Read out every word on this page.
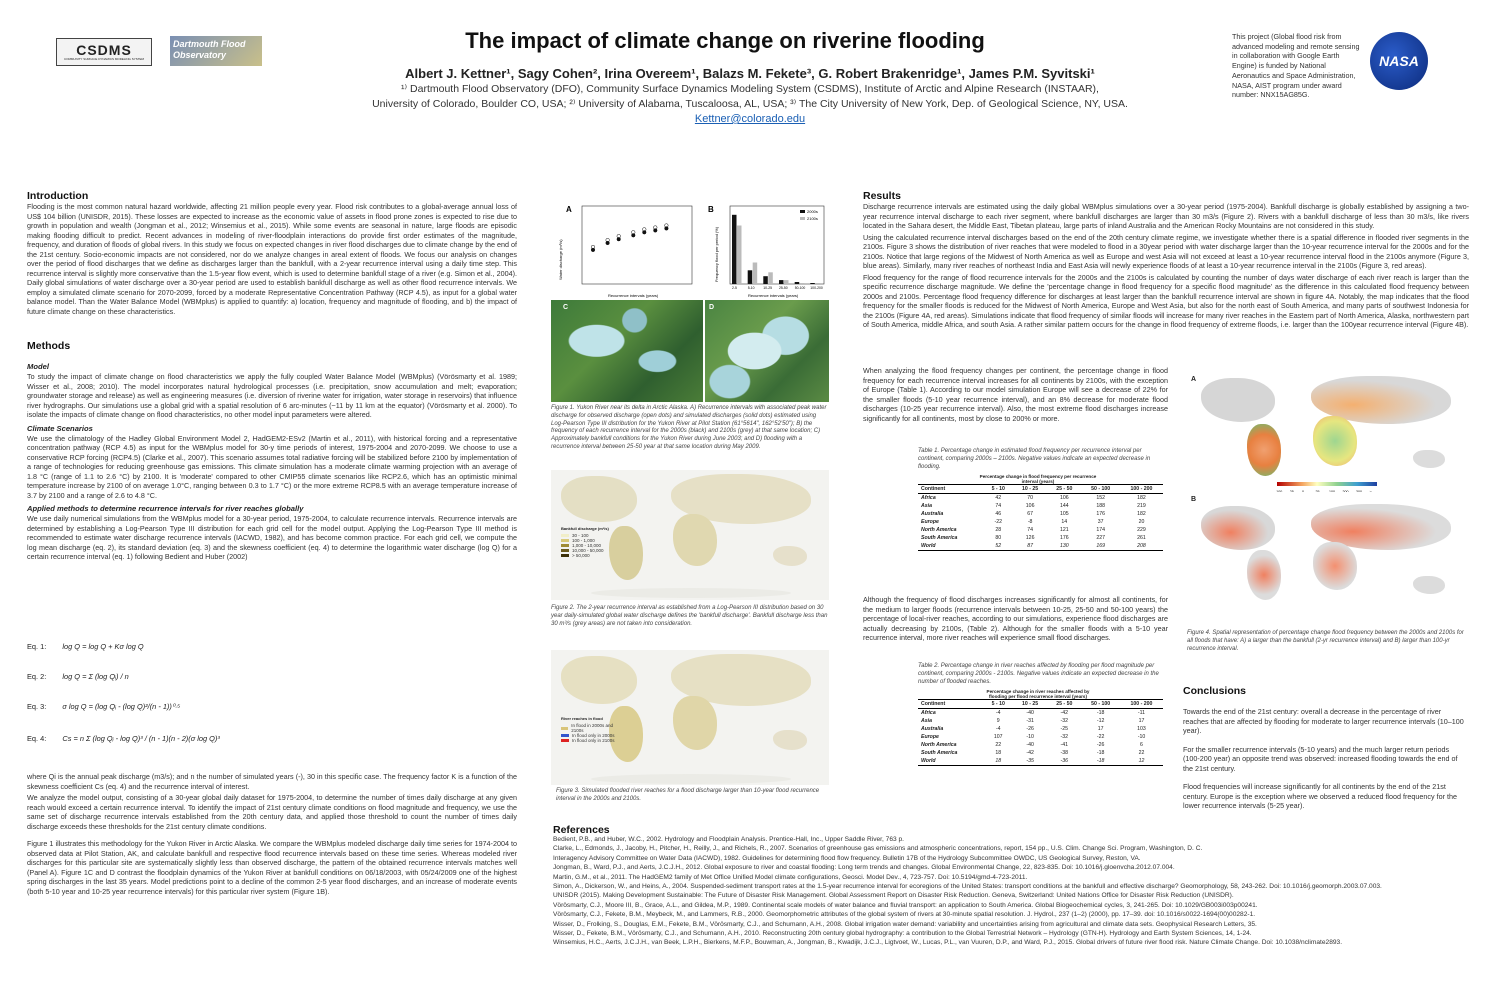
CSDMS
COMMUNITY SURFACE DYNAMICS MODELING SYSTEM
Dartmouth Flood Observatory
The impact of climate change on riverine flooding
Albert J. Kettner¹, Sagy Cohen², Irina Overeem¹, Balazs M. Fekete³, G. Robert Brakenridge¹, James P.M. Syvitski¹
¹⁾ Dartmouth Flood Observatory (DFO), Community Surface Dynamics Modeling System (CSDMS), Institute of Arctic and Alpine Research (INSTAAR),
University of Colorado, Boulder CO, USA; ²⁾ University of Alabama, Tuscaloosa, AL, USA; ³⁾ The City University of New York, Dep. of Geological Science, NY, USA.
Kettner@colorado.edu
This project (Global flood risk from advanced modeling and remote sensing in collaboration with Google Earth Engine) is funded by National Aeronautics and Space Administration, NASA, AIST program under award number: NNX15AG85G.
NASA
Introduction
Flooding is the most common natural hazard worldwide, affecting 21 million people every year. Flood risk contributes to a global-average annual loss of US$ 104 billion (UNISDR, 2015). These losses are expected to increase as the economic value of assets in flood prone zones is expected to rise due to growth in population and wealth (Jongman et al., 2012; Winsemius et al., 2015). While some events are seasonal in nature, large floods are episodic making flooding difficult to predict. Recent advances in modeling of river-floodplain interactions do provide first order estimates of the magnitude, frequency, and duration of floods of global rivers. In this study we focus on expected changes in river flood discharges due to climate change by the end of the 21st century. Socio-economic impacts are not considered, nor do we analyze changes in areal extent of floods. We focus our analysis on changes over the period of flood discharges that we define as discharges larger than the bankfull, with a 2-year recurrence interval using a daily time step. This recurrence interval is slightly more conservative than the 1.5-year flow event, which is used to determine bankfull stage of a river (e.g. Simon et al., 2004). Daily global simulations of water discharge over a 30-year period are used to establish bankfull discharge as well as other flood recurrence intervals. We employ a simulated climate scenario for 2070-2099, forced by a moderate Representative Concentration Pathway (RCP 4.5), as input for a global water balance model. Than the Water Balance Model (WBMplus) is applied to quantify: a) location, frequency and magnitude of flooding, and b) the impact of future climate change on these characteristics.
Methods
Model
To study the impact of climate change on flood characteristics we apply the fully coupled Water Balance Model (WBMplus) (Vörösmarty et al. 1989; Wisser et al., 2008; 2010). The model incorporates natural hydrological processes (i.e. precipitation, snow accumulation and melt; evaporation; groundwater storage and release) as well as engineering measures (i.e. diversion of riverine water for irrigation, water storage in reservoirs) that influence river hydrographs. Our simulations use a global grid with a spatial resolution of 6 arc-minutes (~11 by 11 km at the equator) (Vörösmarty et al. 2000). To isolate the impacts of climate change on flood characteristics, no other model input parameters were altered.
Climate Scenarios
We use the climatology of the Hadley Global Environment Model 2, HadGEM2-ESv2 (Martin et al., 2011), with historical forcing and a representative concentration pathway (RCP 4.5) as input for the WBMplus model for 30-y time periods of interest, 1975-2004 and 2070-2099. We choose to use a conservative RCP forcing (RCP4.5) (Clarke et al., 2007). This scenario assumes total radiative forcing will be stabilized before 2100 by implementation of a range of technologies for reducing greenhouse gas emissions. This climate simulation has a moderate climate warming projection with an average of 1.8 °C (range of 1.1 to 2.6 °C) by 2100. It is 'moderate' compared to other CMIP55 climate scenarios like RCP2.6, which has an optimistic minimal temperature increase by 2100 of on average 1.0°C, ranging between 0.3 to 1.7 °C) or the more extreme RCP8.5 with an average temperature increase of 3.7 by 2100 and a range of 2.6 to 4.8 °C.
Applied methods to determine recurrence intervals for river reaches globally
We use daily numerical simulations from the WBMplus model for a 30-year period, 1975-2004, to calculate recurrence intervals. Recurrence intervals are determined by establishing a Log-Pearson Type III distribution for each grid cell for the model output. Applying the Log-Pearson Type III method is recommended to estimate water discharge recurrence intervals (IACWD, 1982), and has become common practice. For each grid cell, we compute the log mean discharge (eq. 2), its standard deviation (eq. 3) and the skewness coefficient (eq. 4) to determine the logarithmic water discharge (log Q) for a certain recurrence interval (eq. 1) following Bedient and Huber (2002)
Eq. 1: log Q = log Q + Kσ log Q
Eq. 2: log Q = Σ (log Qᵢ) / n
Eq. 3: σ log Q = (log Qᵢ - (log Q)²/(n - 1))⁰·⁵
Eq. 4: Cs = n Σ (log Qᵢ - log Q)³ / (n - 1)(n - 2)(σ log Q)³

where Qi is the annual peak discharge (m3/s); and n the number of simulated years (-), 30 in this specific case. The frequency factor K is a function of the skewness coefficient Cs (eq. 4) and the recurrence interval of interest.

We analyze the model output, consisting of a 30-year global daily dataset for 1975-2004, to determine the number of times daily discharge at any given reach would exceed a certain recurrence interval. To identify the impact of 21st century climate conditions on flood magnitude and frequency, we use the same set of discharge recurrence intervals established from the 20th century data, and applied those threshold to count the number of times daily discharge exceeds these thresholds for the 21st century climate conditions.

Figure 1 illustrates this methodology for the Yukon River in Arctic Alaska. We compare the WBMplus modeled discharge daily time series for 1974-2004 to observed data at Pilot Station, AK, and calculate bankfull and respective flood recurrence intervals based on these time series. Whereas modeled river discharges for this particular site are systematically slightly less than observed discharge, the pattern of the obtained recurrence intervals matches well (Panel A). Figure 1C and D contrast the floodplain dynamics of the Yukon River at bankfull conditions on 06/18/2003, with 05/24/2009 one of the highest spring discharges in the last 35 years. Model predictions point to a decline of the common 2-5 year flood discharges, and an increase of moderate events (both 5-10 year and 10-25 year recurrence intervals) for this particular river system (Figure 1B).

A
Water discharge (m³/s)
Recurrence intervals (years)
B
2-5	5-10	10-25 25-50 50-100 100-200
2000s
2100s
Frequency flood per period (%)
Recurrence intervals (years)
C	D
Figure 1. Yukon River near its delta in Arctic Alaska. A) Recurrence intervals with associated peak water discharge for observed discharge (open dots) and simulated discharges (solid dots) estimated using Log-Pearson Type III distribution for the Yukon River at Pilot Station (61°5614", 162°52'50"); B) the frequency of each recurrence interval for the 2000s (black) and 2100s (grey) at that same location; C) Approximately bankfull conditions for the Yukon River during June 2003; and D) flooding with a recurrence interval between 25-50 year at that same location during May 2009.
Bankfull discharge (m³/s)
30 - 100
100 - 1,000
1,000 - 10,000
10,000 - 50,000
> 50,000
Figure 2. The 2-year recurrence interval as established from a Log-Pearson III distribution based on 30 year daily-simulated global water discharge defines the 'bankfull discharge'. Bankfull discharge less than 30 m³/s (grey areas) are not taken into consideration.
River reaches in flood
In flood in 2000s and 2100s
In flood only in 2000s
In flood only in 2100s
Figure 3. Simulated flooded river reaches for a flood discharge larger than 10-year flood recurrence interval in the 2000s and 2100s.
References
Bedient, P.B., and Huber, W.C., 2002. Hydrology and Floodplain Analysis. Prentice-Hall, Inc., Upper Saddle River, 763 p.
Clarke, L., Edmonds, J., Jacoby, H., Pitcher, H., Reilly, J., and Richels, R., 2007. Scenarios of greenhouse gas emissions and atmospheric concentrations, report, 154 pp., U.S. Clim. Change Sci. Program, Washington, D. C.
Interagency Advisory Committee on Water Data (IACWD), 1982. Guidelines for determining flood flow frequency. Bulletin 17B of the Hydrology Subcommittee OWDC, US Geological Survey, Reston, VA.
Jongman, B., Ward, P.J., and Aerts, J.C.J.H., 2012. Global exposure to river and coastal flooding: Long term trends and changes. Global Environmental Change, 22, 823-835. Doi: 10.1016/j.gloenvcha.2012.07.004.
Martin, G.M., et al., 2011. The HadGEM2 family of Met Office Unified Model climate configurations, Geosci. Model Dev., 4, 723-757. Doi: 10.5194/gmd-4-723-2011.
Simon, A., Dickerson, W., and Heins, A., 2004. Suspended-sediment transport rates at the 1.5-year recurrence interval for ecoregions of the United States: transport conditions at the bankfull and effective discharge? Geomorphology, 58, 243-262. Doi: 10.1016/j.geomorph.2003.07.003.
UNISDR (2015). Making Development Sustainable: The Future of Disaster Risk Management. Global Assessment Report on Disaster Risk Reduction. Geneva, Switzerland: United Nations Office for Disaster Risk Reduction (UNISDR).
Vörösmarty, C.J., Moore III, B., Grace, A.L., and Gildea, M.P., 1989. Continental scale models of water balance and fluvial transport: an application to South America. Global Biogeochemical cycles, 3, 241-265. Doi: 10.1029/GB003i003p00241.
Vörösmarty, C.J., Fekete, B.M., Meybeck, M., and Lammers, R.B., 2000. Geomorphometric attributes of the global system of rivers at 30-minute spatial resolution. J. Hydrol., 237 (1–2) (2000), pp. 17–39. doi: 10.1016/s0022-1694(00)00282-1.
Wisser, D., Frolking, S., Douglas, E.M., Fekete, B.M., Vörösmarty, C.J., and Schumann, A.H., 2008. Global irrigation water demand: variability and uncertainties arising from agricultural and climate data sets. Geophysical Research Letters, 35.
Wisser, D., Fekete, B.M., Vörösmarty, C.J., and Schumann, A.H., 2010. Reconstructing 20th century global hydrography: a contribution to the Global Terrestrial Network – Hydrology (GTN-H). Hydrology and Earth System Sciences, 14, 1-24.
Winsemius, H.C., Aerts, J.C.J.H., van Beek, L.P.H., Bierkens, M.F.P., Bouwman, A., Jongman, B., Kwadijk, J.C.J., Ligtvoet, W., Lucas, P.L., van Vuuren, D.P., and Ward, P.J., 2015. Global drivers of future river flood risk. Nature Climate Change. Doi: 10.1038/nclimate2893.
Results
Discharge recurrence intervals are estimated using the daily global WBMplus simulations over a 30-year period (1975-2004). Bankfull discharge is globally established by assigning a two-year recurrence interval discharge to each river segment, where bankfull discharges are larger than 30 m3/s (Figure 2). Rivers with a bankfull discharge of less than 30 m3/s, like rivers located in the Sahara desert, the Middle East, Tibetan plateau, large parts of inland Australia and the American Rocky Mountains are not considered in this study.
Using the calculated recurrence interval discharges based on the end of the 20th century climate regime, we investigate whether there is a spatial difference in flooded river segments in the 2100s. Figure 3 shows the distribution of river reaches that were modeled to flood in a 30year period with water discharge larger than the 10-year recurrence interval for the 2000s and for the 2100s. Notice that large regions of the Midwest of North America as well as Europe and west Asia will not exceed at least a 10-year recurrence interval flood in the 2100s anymore (Figure 3, blue areas). Similarly, many river reaches of northeast India and East Asia will newly experience floods of at least a 10-year recurrence interval in the 2100s (Figure 3, red areas).
Flood frequency for the range of flood recurrence intervals for the 2000s and the 2100s is calculated by counting the number of days water discharge of each river reach is larger than the specific recurrence discharge magnitude. We define the 'percentage change in flood frequency for a specific flood magnitude' as the difference in this calculated flood frequency between 2000s and 2100s. Percentage flood frequency difference for discharges at least larger than the bankfull recurrence interval are shown in figure 4A. Notably, the map indicates that the flood frequency for the smaller floods is reduced for the Midwest of North America, Europe and West Asia, but also for the north east of South America, and many parts of southwest Indonesia for the 2100s (Figure 4A, red areas). Simulations indicate that flood frequency of similar floods will increase for many river reaches in the Eastern part of North America, Alaska, northwestern part of South America, middle Africa, and south Asia. A rather similar pattern occurs for the change in flood frequency of extreme floods, i.e. larger than the 100year recurrence interval (Figure 4B).
When analyzing the flood frequency changes per continent, the percentage change in flood frequency for each recurrence interval increases for all continents by 2100s, with the exception of Europe (Table 1). According to our model simulation Europe will see a decrease of 22% for the smaller floods (5-10 year recurrence interval), and an 8% decrease for moderate flood discharges (10-25 year recurrence interval). Also, the most extreme flood discharges increase significantly for all continents, most by close to 200% or more.
Table 1. Percentage change in estimated flood frequency per recurrence interval per continent, comparing 2000s – 2100s. Negative values indicate an expected decrease in flooding.
Percentage change in flood frequency per recurrence interval (years)
Continent	5 - 10	10 - 25	25 - 50	50 - 100	100 - 200
Africa	42	70	106	152	182
Asia	74	106	144	188	219
Australia	46	67	105	176	182
Europe	-22	-8	14	37	20
North America	28	74	121	174	229
South America	80	126	176	227	261
World	52	87	130	169	208
Although the frequency of flood discharges increases significantly for almost all continents, for the medium to larger floods (recurrence intervals between 10-25, 25-50 and 50-100 years) the percentage of local-river reaches, according to our simulations, experience flood discharges are actually decreasing by 2100s, (Table 2). Although for the smaller floods with a 5-10 year recurrence interval, more river reaches will experience small flood discharges.
Table 2. Percentage change in river reaches affected by flooding per flood magnitude per continent, comparing 2000s - 2100s. Negative values indicate an expected decrease in the number of flooded reaches.
Percentage change in river reaches affected by flooding per flood recurrence interval (years)
Continent	5 - 10	10 - 25	25 - 50	50 - 100	100 - 200
Africa	-4	-40	-42	-18	-11
Asia	9	-31	-32	-12	17
Australia	-4	-26	-25	17	103
Europe	107	-10	-32	-22	-10
North America	22	-40	-41	-26	6
South America	18	-42	-38	-18	22
World	18	-35	-36	-18	12
A
B
Figure 4. Spatial representation of percentage change flood frequency between the 2000s and 2100s for all floods that have: A) a larger than the bankfull (2-yr recurrence interval) and B) larger than 100-yr recurrence interval.
Conclusions
Towards the end of the 21st century: overall a decrease in the percentage of river reaches that are affected by flooding for moderate to larger recurrence intervals (10–100 year).
For the smaller recurrence intervals (5-10 years) and the much larger return periods (100-200 year) an opposite trend was observed: increased flooding towards the end of the 21st century.
Flood frequencies will increase significantly for all continents by the end of the 21st century. Europe is the exception where we observed a reduced flood frequency for the lower recurrence intervals (5-25 year).
